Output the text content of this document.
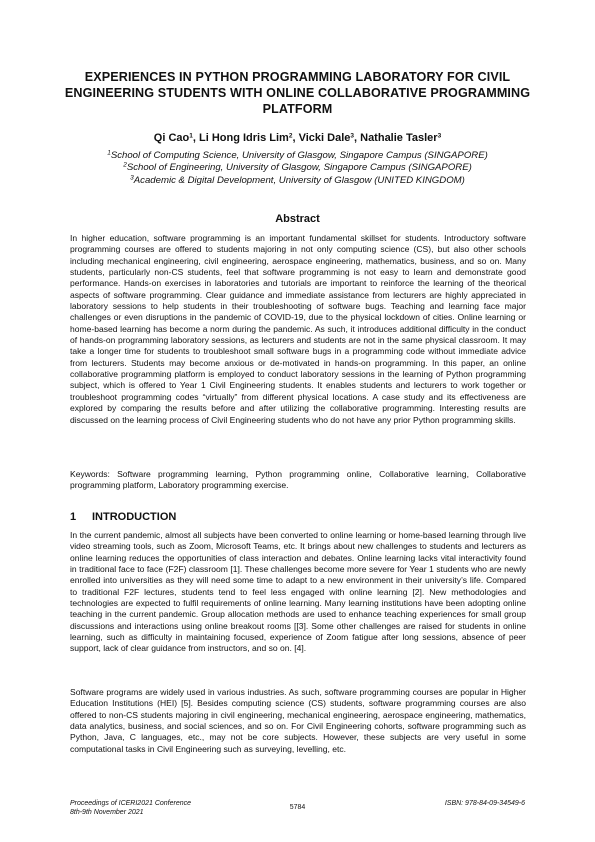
EXPERIENCES IN PYTHON PROGRAMMING LABORATORY FOR CIVIL ENGINEERING STUDENTS WITH ONLINE COLLABORATIVE PROGRAMMING PLATFORM
Qi Cao$^1$, Li Hong Idris Lim$^2$, Vicki Dale$^3$, Nathalie Tasler$^3$
$^1$School of Computing Science, University of Glasgow, Singapore Campus (SINGAPORE)
$^2$School of Engineering, University of Glasgow, Singapore Campus (SINGAPORE)
$^3$Academic & Digital Development, University of Glasgow (UNITED KINGDOM)
Abstract

In higher education, software programming is an important fundamental skillset for students. Introductory software programming courses are offered to students majoring in not only computing science (CS), but also other schools including mechanical engineering, civil engineering, aerospace engineering, mathematics, business, and so on. Many students, particularly non-CS students, feel that software programming is not easy to learn and demonstrate good performance. Hands-on exercises in laboratories and tutorials are important to reinforce the learning of the theorical aspects of software programming. Clear guidance and immediate assistance from lecturers are highly appreciated in laboratory sessions to help students in their troubleshooting of software bugs. Teaching and learning face major challenges or even disruptions in the pandemic of COVID-19, due to the physical lockdown of cities. Online learning or home-based learning has become a norm during the pandemic. As such, it introduces additional difficulty in the conduct of hands-on programming laboratory sessions, as lecturers and students are not in the same physical classroom. It may take a longer time for students to troubleshoot small software bugs in a programming code without immediate advice from lecturers. Students may become anxious or de-motivated in hands-on programming. In this paper, an online collaborative programming platform is employed to conduct laboratory sessions in the learning of Python programming subject, which is offered to Year 1 Civil Engineering students. It enables students and lecturers to work together or troubleshoot programming codes “virtually” from different physical locations. A case study and its effectiveness are explored by comparing the results before and after utilizing the collaborative programming. Interesting results are discussed on the learning process of Civil Engineering students who do not have any prior Python programming skills.

Keywords: Software programming learning, Python programming online, Collaborative learning, Collaborative programming platform, Laboratory programming exercise.

1 INTRODUCTION

In the current pandemic, almost all subjects have been converted to online learning or home-based learning through live video streaming tools, such as Zoom, Microsoft Teams, etc. It brings about new challenges to students and lecturers as online learning reduces the opportunities of class interaction and debates. Online learning lacks vital interactivity found in traditional face to face (F2F) classroom [1]. These challenges become more severe for Year 1 students who are newly enrolled into universities as they will need some time to adapt to a new environment in their university’s life. Compared to traditional F2F lectures, students tend to feel less engaged with online learning [2]. New methodologies and technologies are expected to fulfil requirements of online learning. Many learning institutions have been adopting online teaching in the current pandemic. Group allocation methods are used to enhance teaching experiences for small group discussions and interactions using online breakout rooms [[3]. Some other challenges are raised for students in online learning, such as difficulty in maintaining focused, experience of Zoom fatigue after long sessions, absence of peer support, lack of clear guidance from instructors, and so on. [4].

Software programs are widely used in various industries. As such, software programming courses are popular in Higher Education Institutions (HEI) [5]. Besides computing science (CS) students, software programming courses are also offered to non-CS students majoring in civil engineering, mechanical engineering, aerospace engineering, mathematics, data analytics, business, and social sciences, and so on. For Civil Engineering cohorts, software programming such as Python, Java, C languages, etc., may not be core subjects. However, these subjects are very useful in some computational tasks in Civil Engineering such as surveying, levelling, etc.

Proceedings of ICERI2021 Conference
8th-9th November 2021
5784
ISBN: 978-84-09-34549-6
